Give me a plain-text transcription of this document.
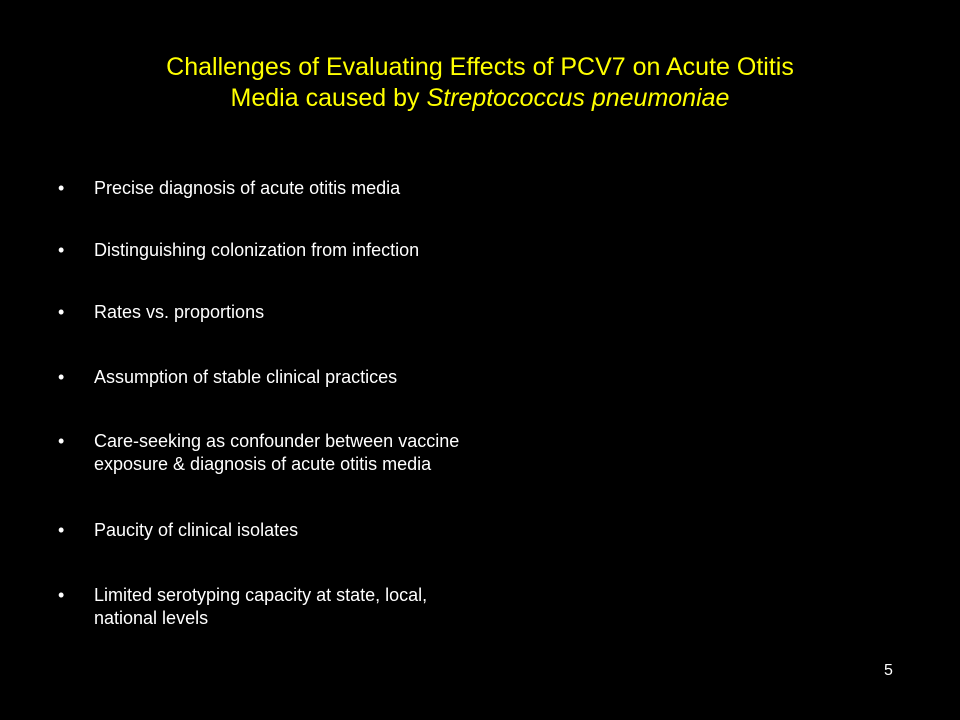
Challenges of Evaluating Effects of PCV7 on Acute Otitis
Media caused by Streptococcus pneumoniae
•	Precise diagnosis of acute otitis media
•	Distinguishing colonization from infection
•	Rates vs. proportions
•	Assumption of stable clinical practices
•	Care-seeking as confounder between vaccine
exposure & diagnosis of acute otitis media
•	Paucity of clinical isolates
•	Limited serotyping capacity at state, local,
national levels
5
